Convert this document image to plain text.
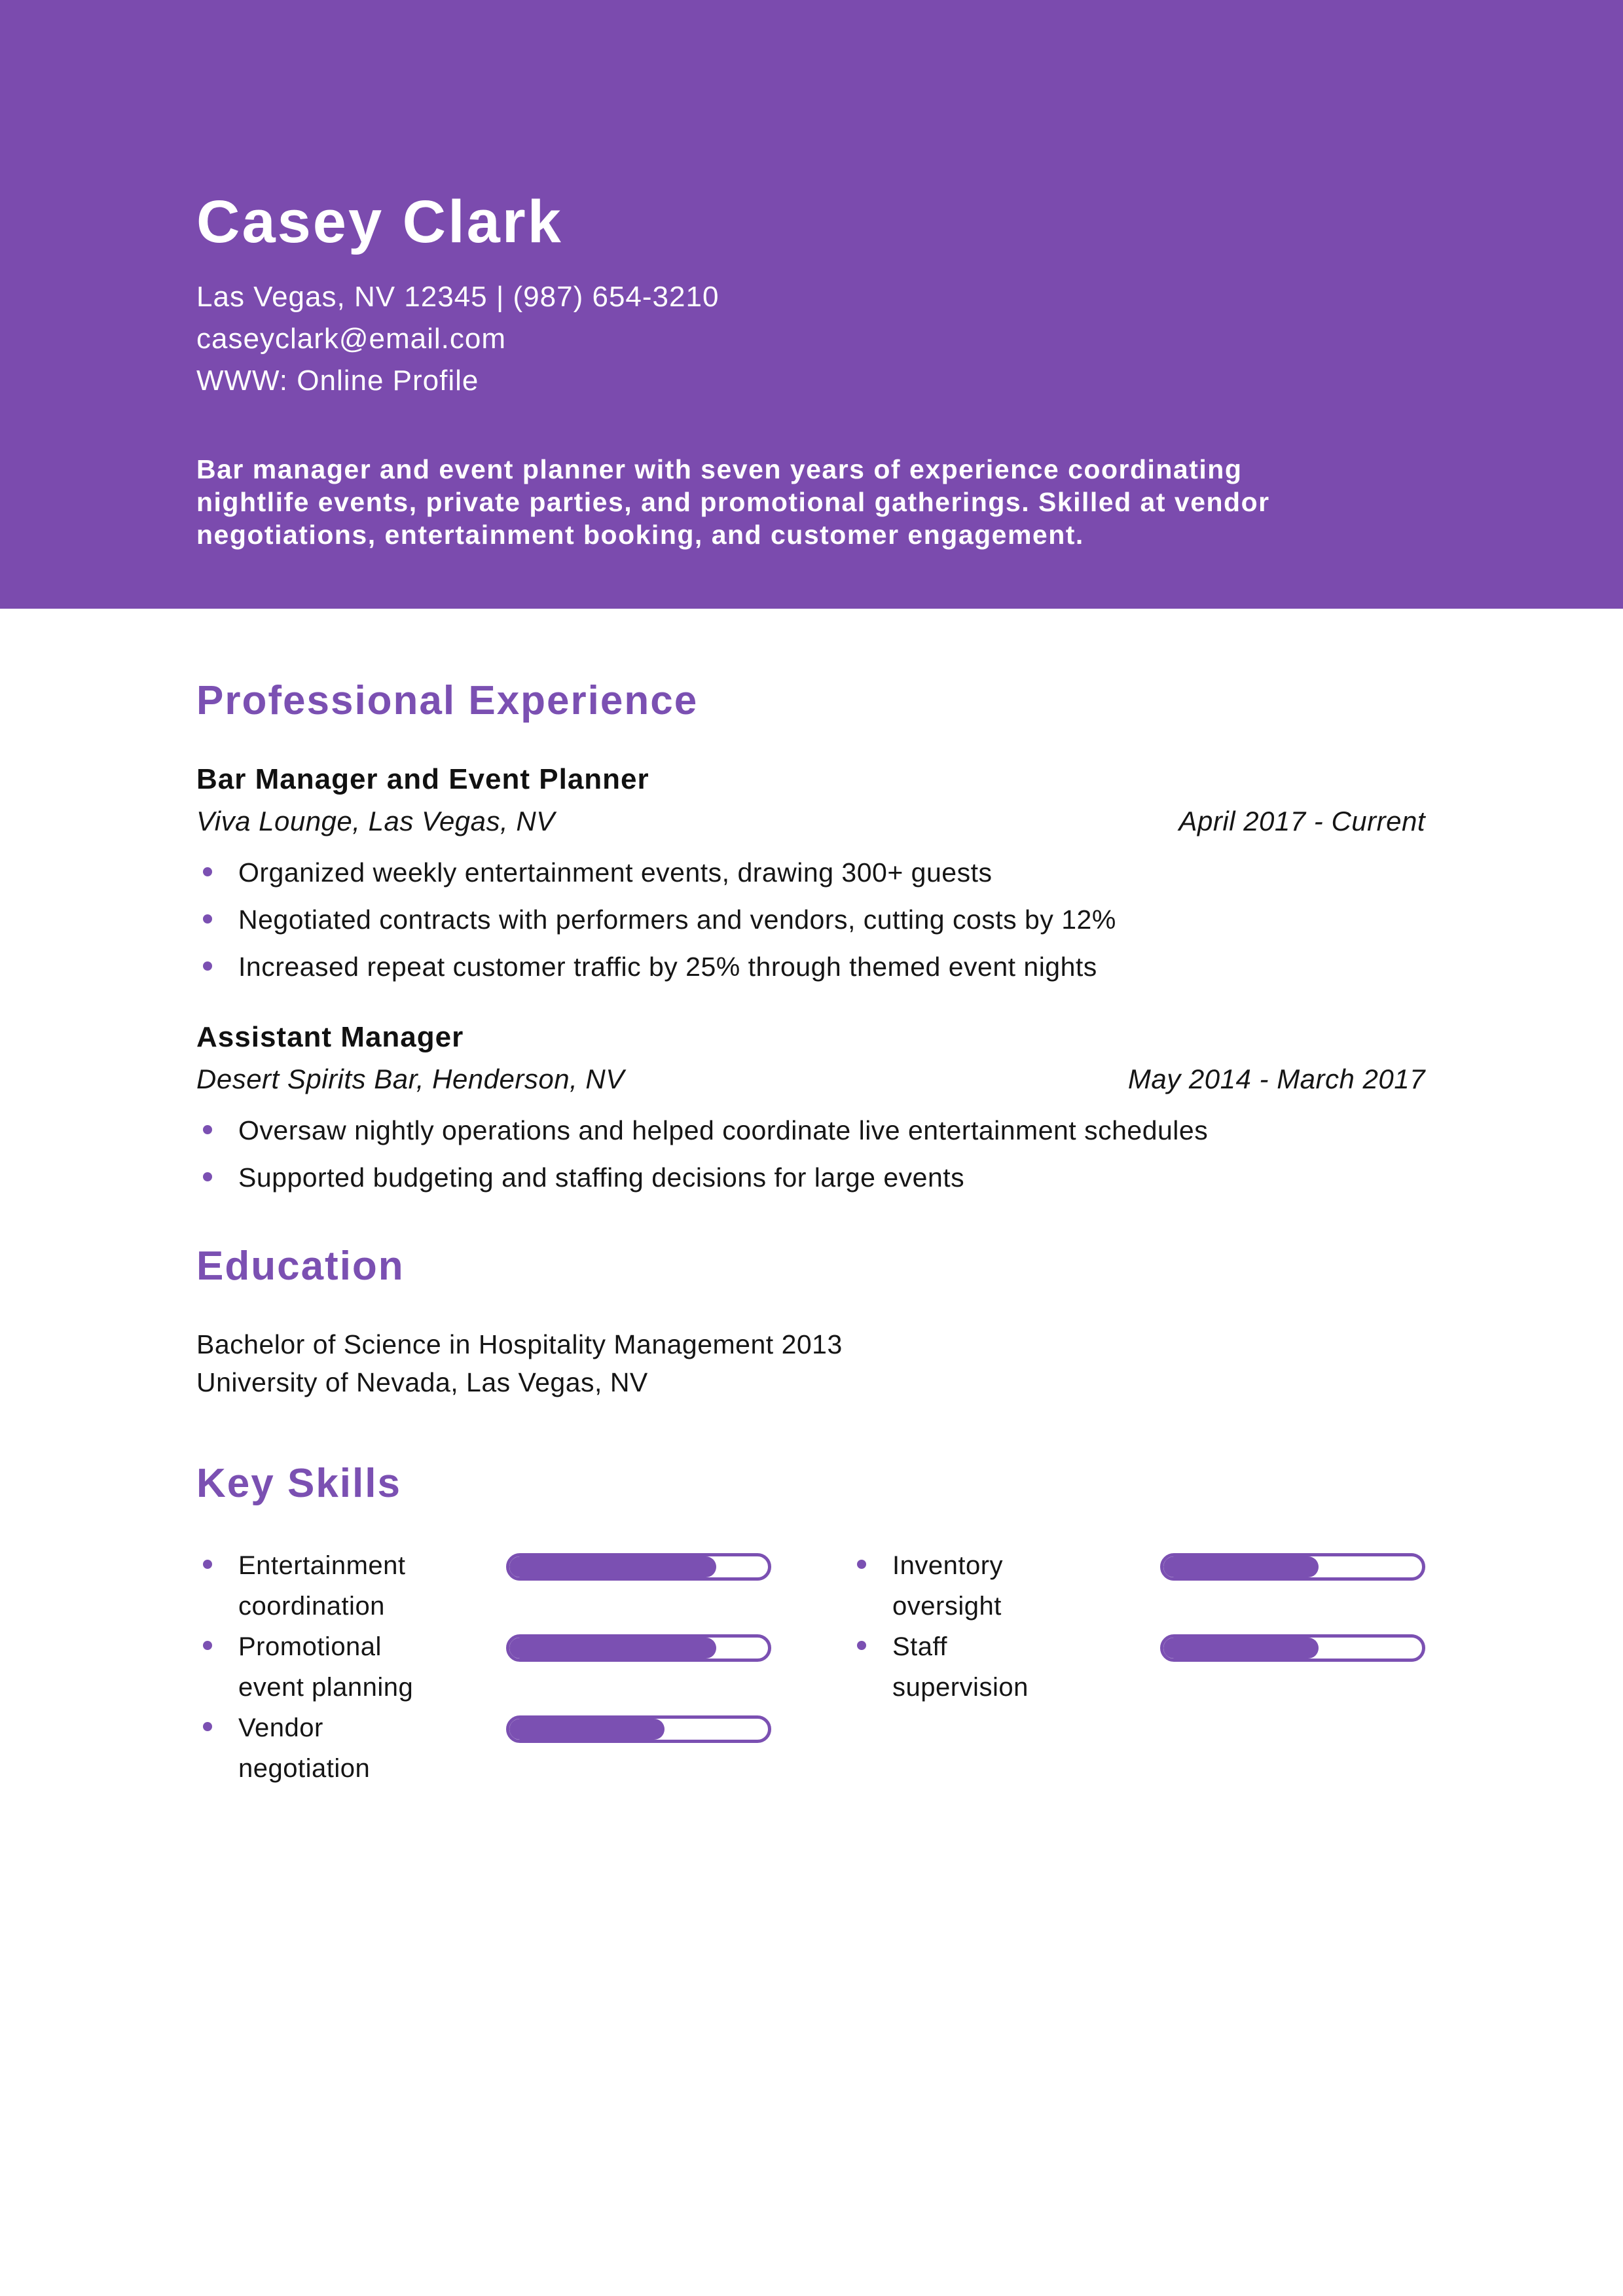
Casey Clark
Las Vegas, NV 12345 | (987) 654-3210
caseyclark@email.com
WWW: Online Profile
Bar manager and event planner with seven years of experience coordinating
nightlife events, private parties, and promotional gatherings. Skilled at vendor
negotiations, entertainment booking, and customer engagement.
Professional Experience
Bar Manager and Event Planner
Viva Lounge, Las Vegas, NV	April 2017 - Current
Organized weekly entertainment events, drawing 300+ guests
Negotiated contracts with performers and vendors, cutting costs by 12%
Increased repeat customer traffic by 25% through themed event nights
Assistant Manager
Desert Spirits Bar, Henderson, NV	May 2014 - March 2017
Oversaw nightly operations and helped coordinate live entertainment schedules
Supported budgeting and staffing decisions for large events
Education
Bachelor of Science in Hospitality Management 2013
University of Nevada, Las Vegas, NV
Key Skills
Entertainment coordination
Inventory oversight
Promotional event planning
Staff supervision
Vendor negotiation
